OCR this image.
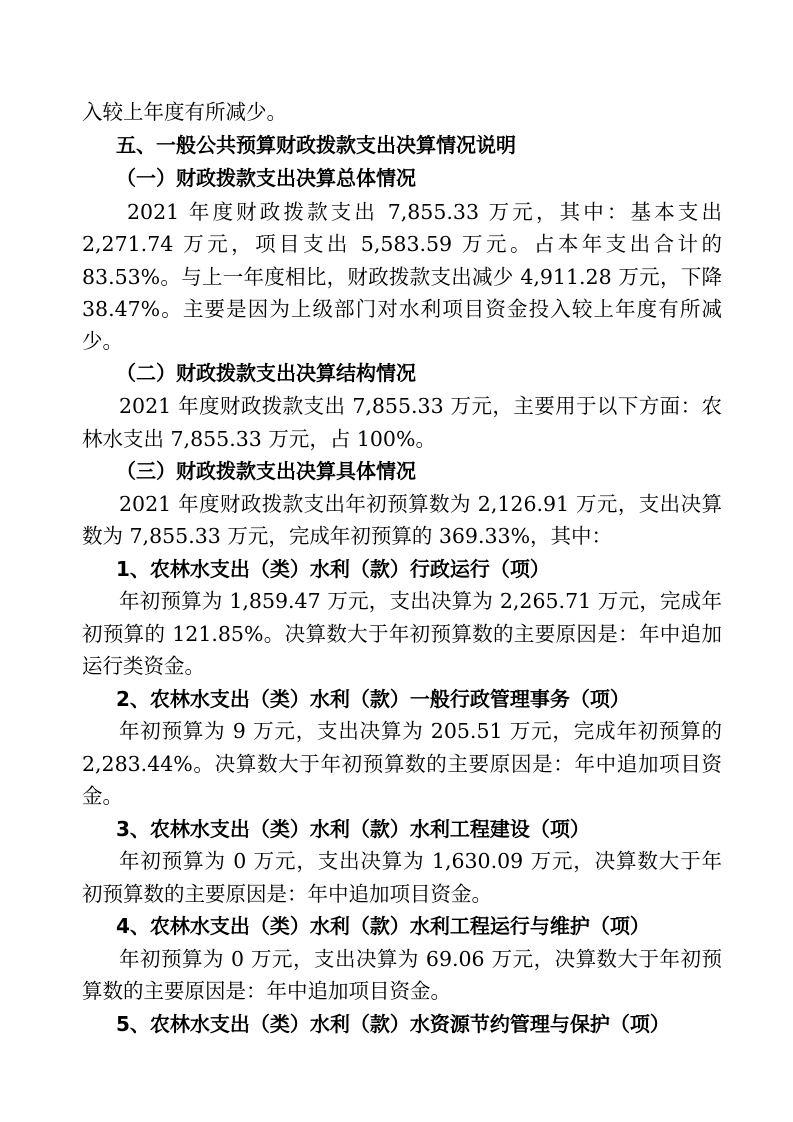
入较上年度有所减少。
五、一般公共预算财政拨款支出决算情况说明
（一）财政拨款支出决算总体情况
2021 年度财政拨款支出 7,855.33 万元，其中：基本支出
2,271.74 万元，项目支出 5,583.59 万元。占本年支出合计的
83.53%。与上一年度相比，财政拨款支出减少 4,911.28 万元，下降
38.47%。主要是因为上级部门对水利项目资金投入较上年度有所减
少。
（二）财政拨款支出决算结构情况
2021 年度财政拨款支出 7,855.33 万元，主要用于以下方面：农
林水支出 7,855.33 万元，占 100%。
（三）财政拨款支出决算具体情况
2021 年度财政拨款支出年初预算数为 2,126.91 万元，支出决算
数为 7,855.33 万元，完成年初预算的 369.33%，其中：
1、农林水支出（类）水利（款）行政运行（项）
年初预算为 1,859.47 万元，支出决算为 2,265.71 万元，完成年
初预算的 121.85%。决算数大于年初预算数的主要原因是：年中追加
运行类资金。
2、农林水支出（类）水利（款）一般行政管理事务（项）
年初预算为 9 万元，支出决算为 205.51 万元，完成年初预算的
2,283.44%。决算数大于年初预算数的主要原因是：年中追加项目资
金。
3、农林水支出（类）水利（款）水利工程建设（项）
年初预算为 0 万元，支出决算为 1,630.09 万元，决算数大于年
初预算数的主要原因是：年中追加项目资金。
4、农林水支出（类）水利（款）水利工程运行与维护（项）
年初预算为 0 万元，支出决算为 69.06 万元，决算数大于年初预
算数的主要原因是：年中追加项目资金。
5、农林水支出（类）水利（款）水资源节约管理与保护（项）
